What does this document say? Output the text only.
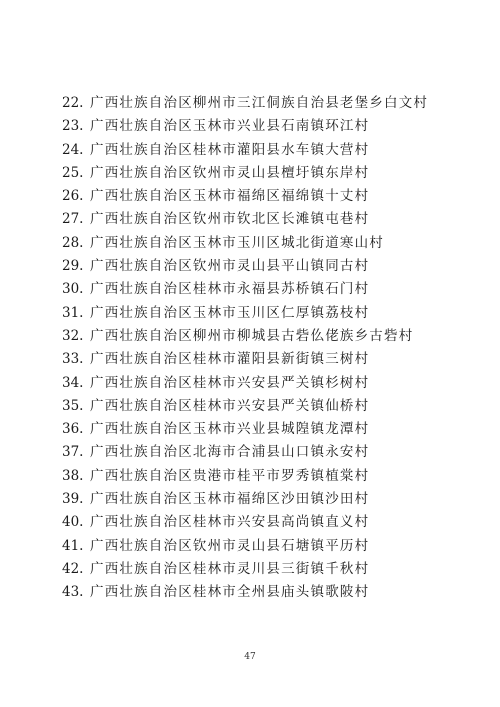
22. 广西壮族自治区柳州市三江侗族自治县老堡乡白文村
23. 广西壮族自治区玉林市兴业县石南镇环江村
24. 广西壮族自治区桂林市灌阳县水车镇大营村
25. 广西壮族自治区钦州市灵山县檀圩镇东岸村
26. 广西壮族自治区玉林市福绵区福绵镇十丈村
27. 广西壮族自治区钦州市钦北区长滩镇屯巷村
28. 广西壮族自治区玉林市玉川区城北街道寒山村
29. 广西壮族自治区钦州市灵山县平山镇同古村
30. 广西壮族自治区桂林市永福县苏桥镇石门村
31. 广西壮族自治区玉林市玉川区仁厚镇荔枝村
32. 广西壮族自治区柳州市柳城县古砦仫佬族乡古砦村
33. 广西壮族自治区桂林市灌阳县新街镇三树村
34. 广西壮族自治区桂林市兴安县严关镇杉树村
35. 广西壮族自治区桂林市兴安县严关镇仙桥村
36. 广西壮族自治区玉林市兴业县城隍镇龙潭村
37. 广西壮族自治区北海市合浦县山口镇永安村
38. 广西壮族自治区贵港市桂平市罗秀镇植棠村
39. 广西壮族自治区玉林市福绵区沙田镇沙田村
40. 广西壮族自治区桂林市兴安县高尚镇直义村
41. 广西壮族自治区钦州市灵山县石塘镇平历村
42. 广西壮族自治区桂林市灵川县三街镇千秋村
43. 广西壮族自治区桂林市全州县庙头镇歌陂村
47
